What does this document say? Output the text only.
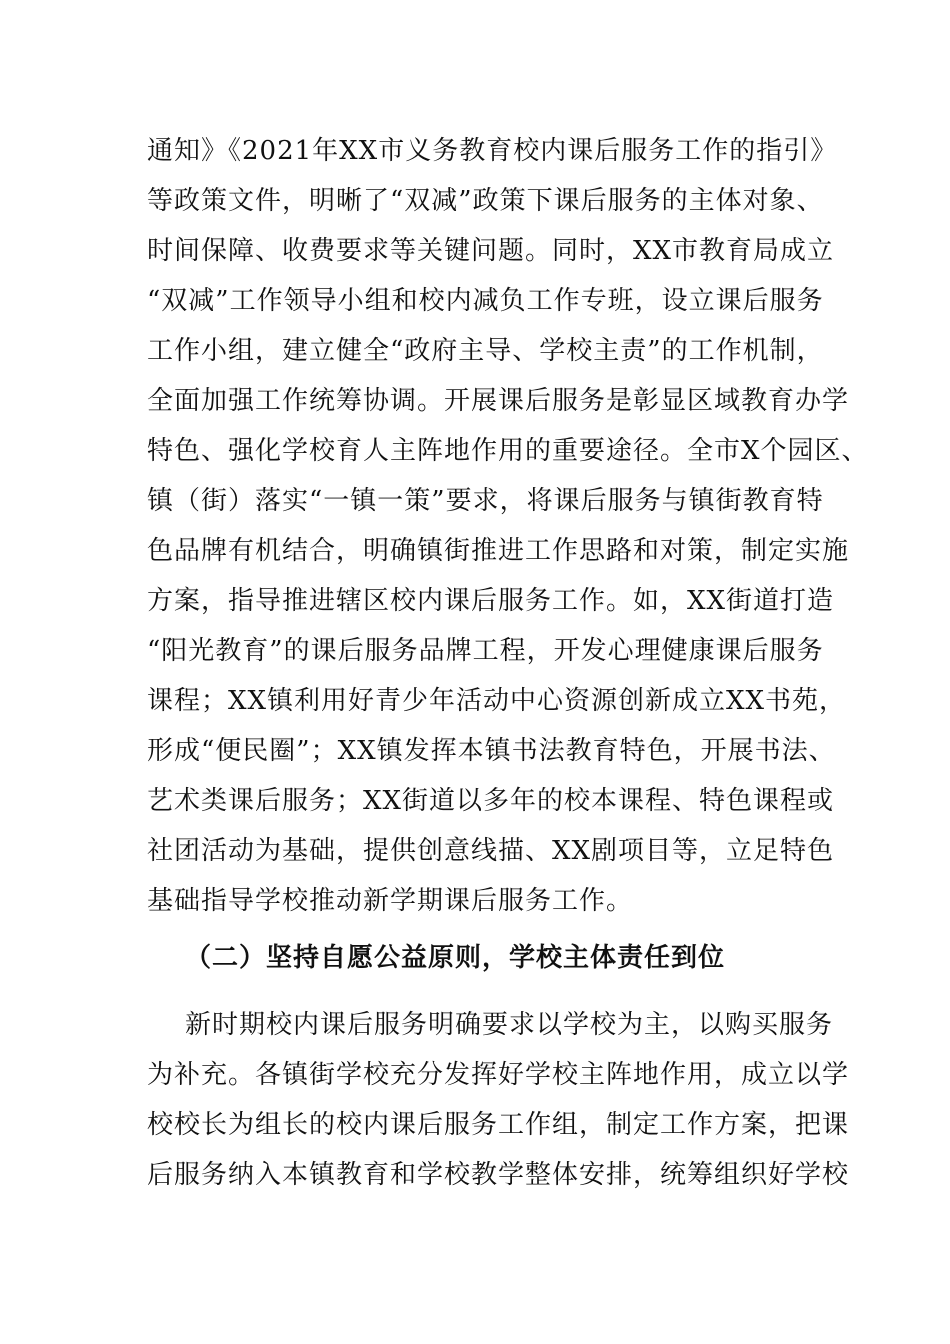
通知》《2021年XX市义务教育校内课后服务工作的指引》
等政策文件，明晰了“双减”政策下课后服务的主体对象、
时间保障、收费要求等关键问题。同时，XX市教育局成立
“双减”工作领导小组和校内减负工作专班，设立课后服务
工作小组，建立健全“政府主导、学校主责”的工作机制，
全面加强工作统筹协调。开展课后服务是彰显区域教育办学
特色、强化学校育人主阵地作用的重要途径。全市X个园区、
镇（街）落实“一镇一策”要求，将课后服务与镇街教育特
色品牌有机结合，明确镇街推进工作思路和对策，制定实施
方案，指导推进辖区校内课后服务工作。如，XX街道打造
“阳光教育”的课后服务品牌工程，开发心理健康课后服务
课程；XX镇利用好青少年活动中心资源创新成立XX书苑，
形成“便民圈”；XX镇发挥本镇书法教育特色，开展书法、
艺术类课后服务；XX街道以多年的校本课程、特色课程或
社团活动为基础，提供创意线描、XX剧项目等，立足特色
基础指导学校推动新学期课后服务工作。
（二）坚持自愿公益原则，学校主体责任到位
新时期校内课后服务明确要求以学校为主，以购买服务
为补充。各镇街学校充分发挥好学校主阵地作用，成立以学
校校长为组长的校内课后服务工作组，制定工作方案，把课
后服务纳入本镇教育和学校教学整体安排，统筹组织好学校
